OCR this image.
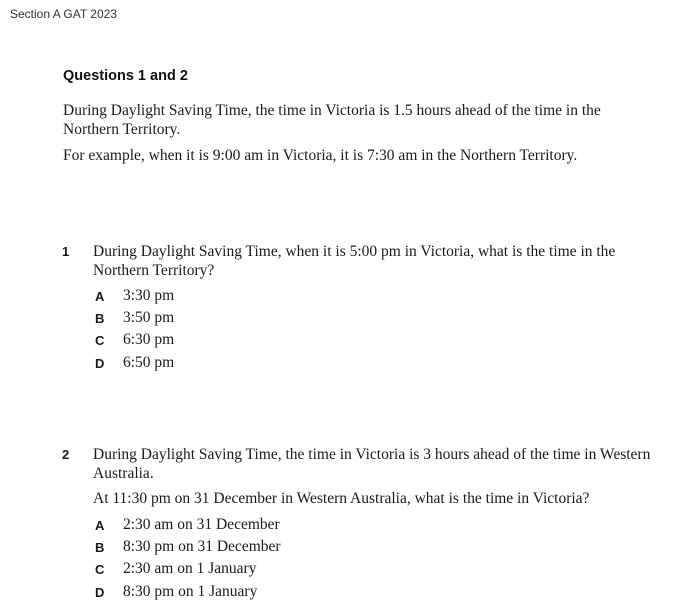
Section A GAT 2023
Questions 1 and 2

During Daylight Saving Time, the time in Victoria is 1.5 hours ahead of the time in the Northern Territory.

For example, when it is 9:00 am in Victoria, it is 7:30 am in the Northern Territory.

1 During Daylight Saving Time, when it is 5:00 pm in Victoria, what is the time in the Northern Territory?

A 3:30 pm
B 3:50 pm
C 6:30 pm
D 6:50 pm
2 During Daylight Saving Time, the time in Victoria is 3 hours ahead of the time in Western Australia.

At 11:30 pm on 31 December in Western Australia, what is the time in Victoria?

A 2:30 am on 31 December
B 8:30 pm on 31 December
C 2:30 am on 1 January
D 8:30 pm on 1 January
